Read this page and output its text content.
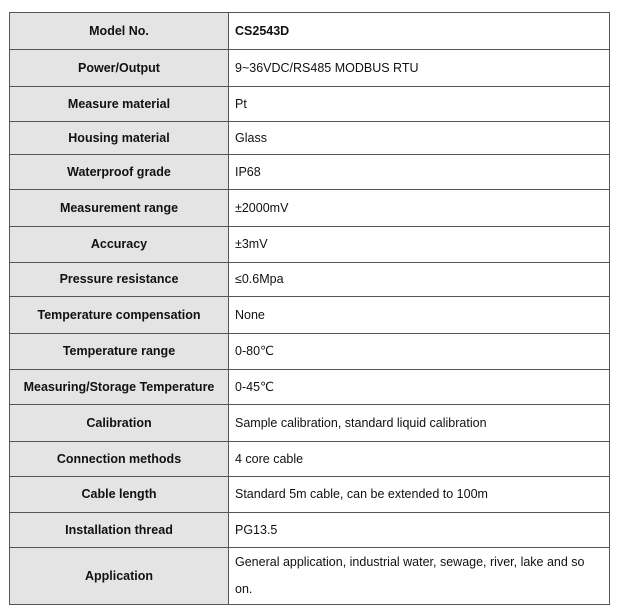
Model No.	CS2543D
Power/Output	9~36VDC/RS485 MODBUS RTU
Measure material	Pt
Housing material	Glass
Waterproof grade	IP68
Measurement range	±2000mV
Accuracy	±3mV
Pressure resistance	≤0.6Mpa
Temperature compensation	None
Temperature range	0-80℃
Measuring/Storage Temperature	0-45℃
Calibration	Sample calibration, standard liquid calibration
Connection methods	4 core cable
Cable length	Standard 5m cable, can be extended to 100m
Installation thread	PG13.5
Application	General application, industrial water, sewage, river, lake and so on.
